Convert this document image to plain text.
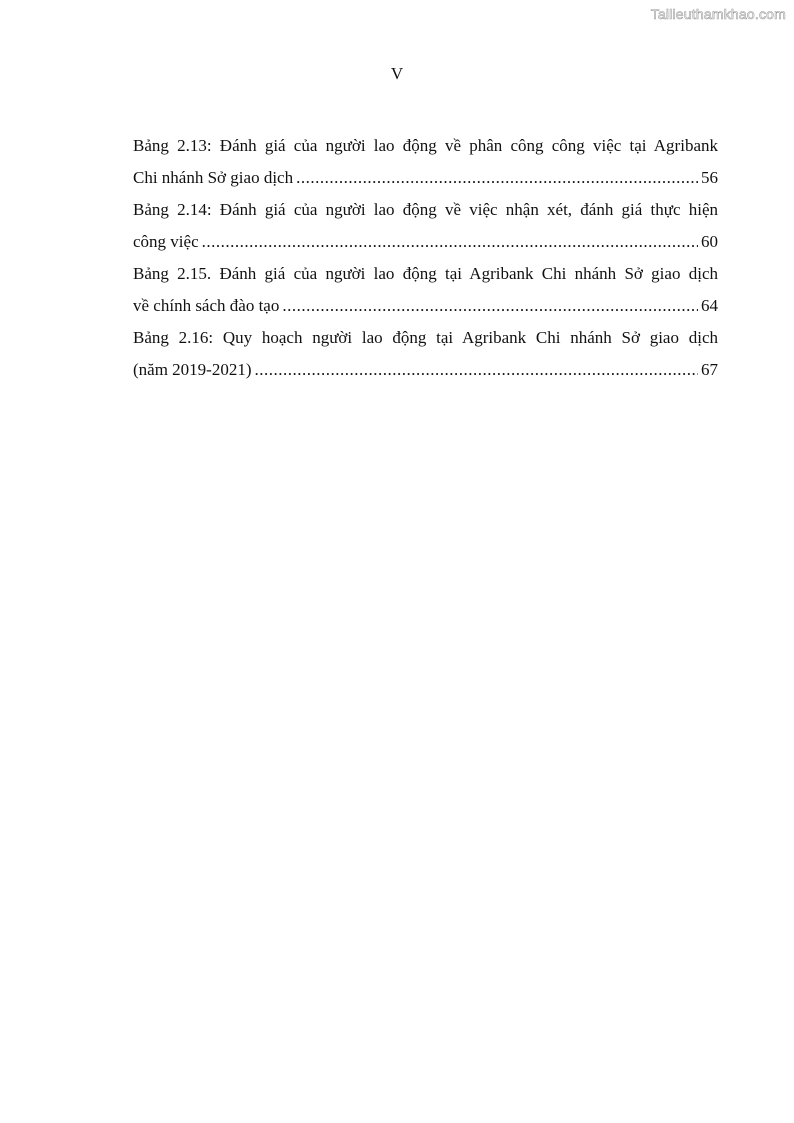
Tailieuthamkhao.com
V
Bảng 2.13: Đánh giá của người lao động về phân công công việc tại Agribank
Chi nhánh Sở giao dịch .....	56
Bảng 2.14: Đánh giá của người lao động về việc nhận xét, đánh giá thực hiện
công việc .....	60
Bảng 2.15. Đánh giá của người lao động tại Agribank Chi nhánh Sở giao dịch
về chính sách đào tạo .....	64
Bảng 2.16: Quy hoạch người lao động tại Agribank Chi nhánh Sở giao dịch
(năm 2019-2021) .....	67
